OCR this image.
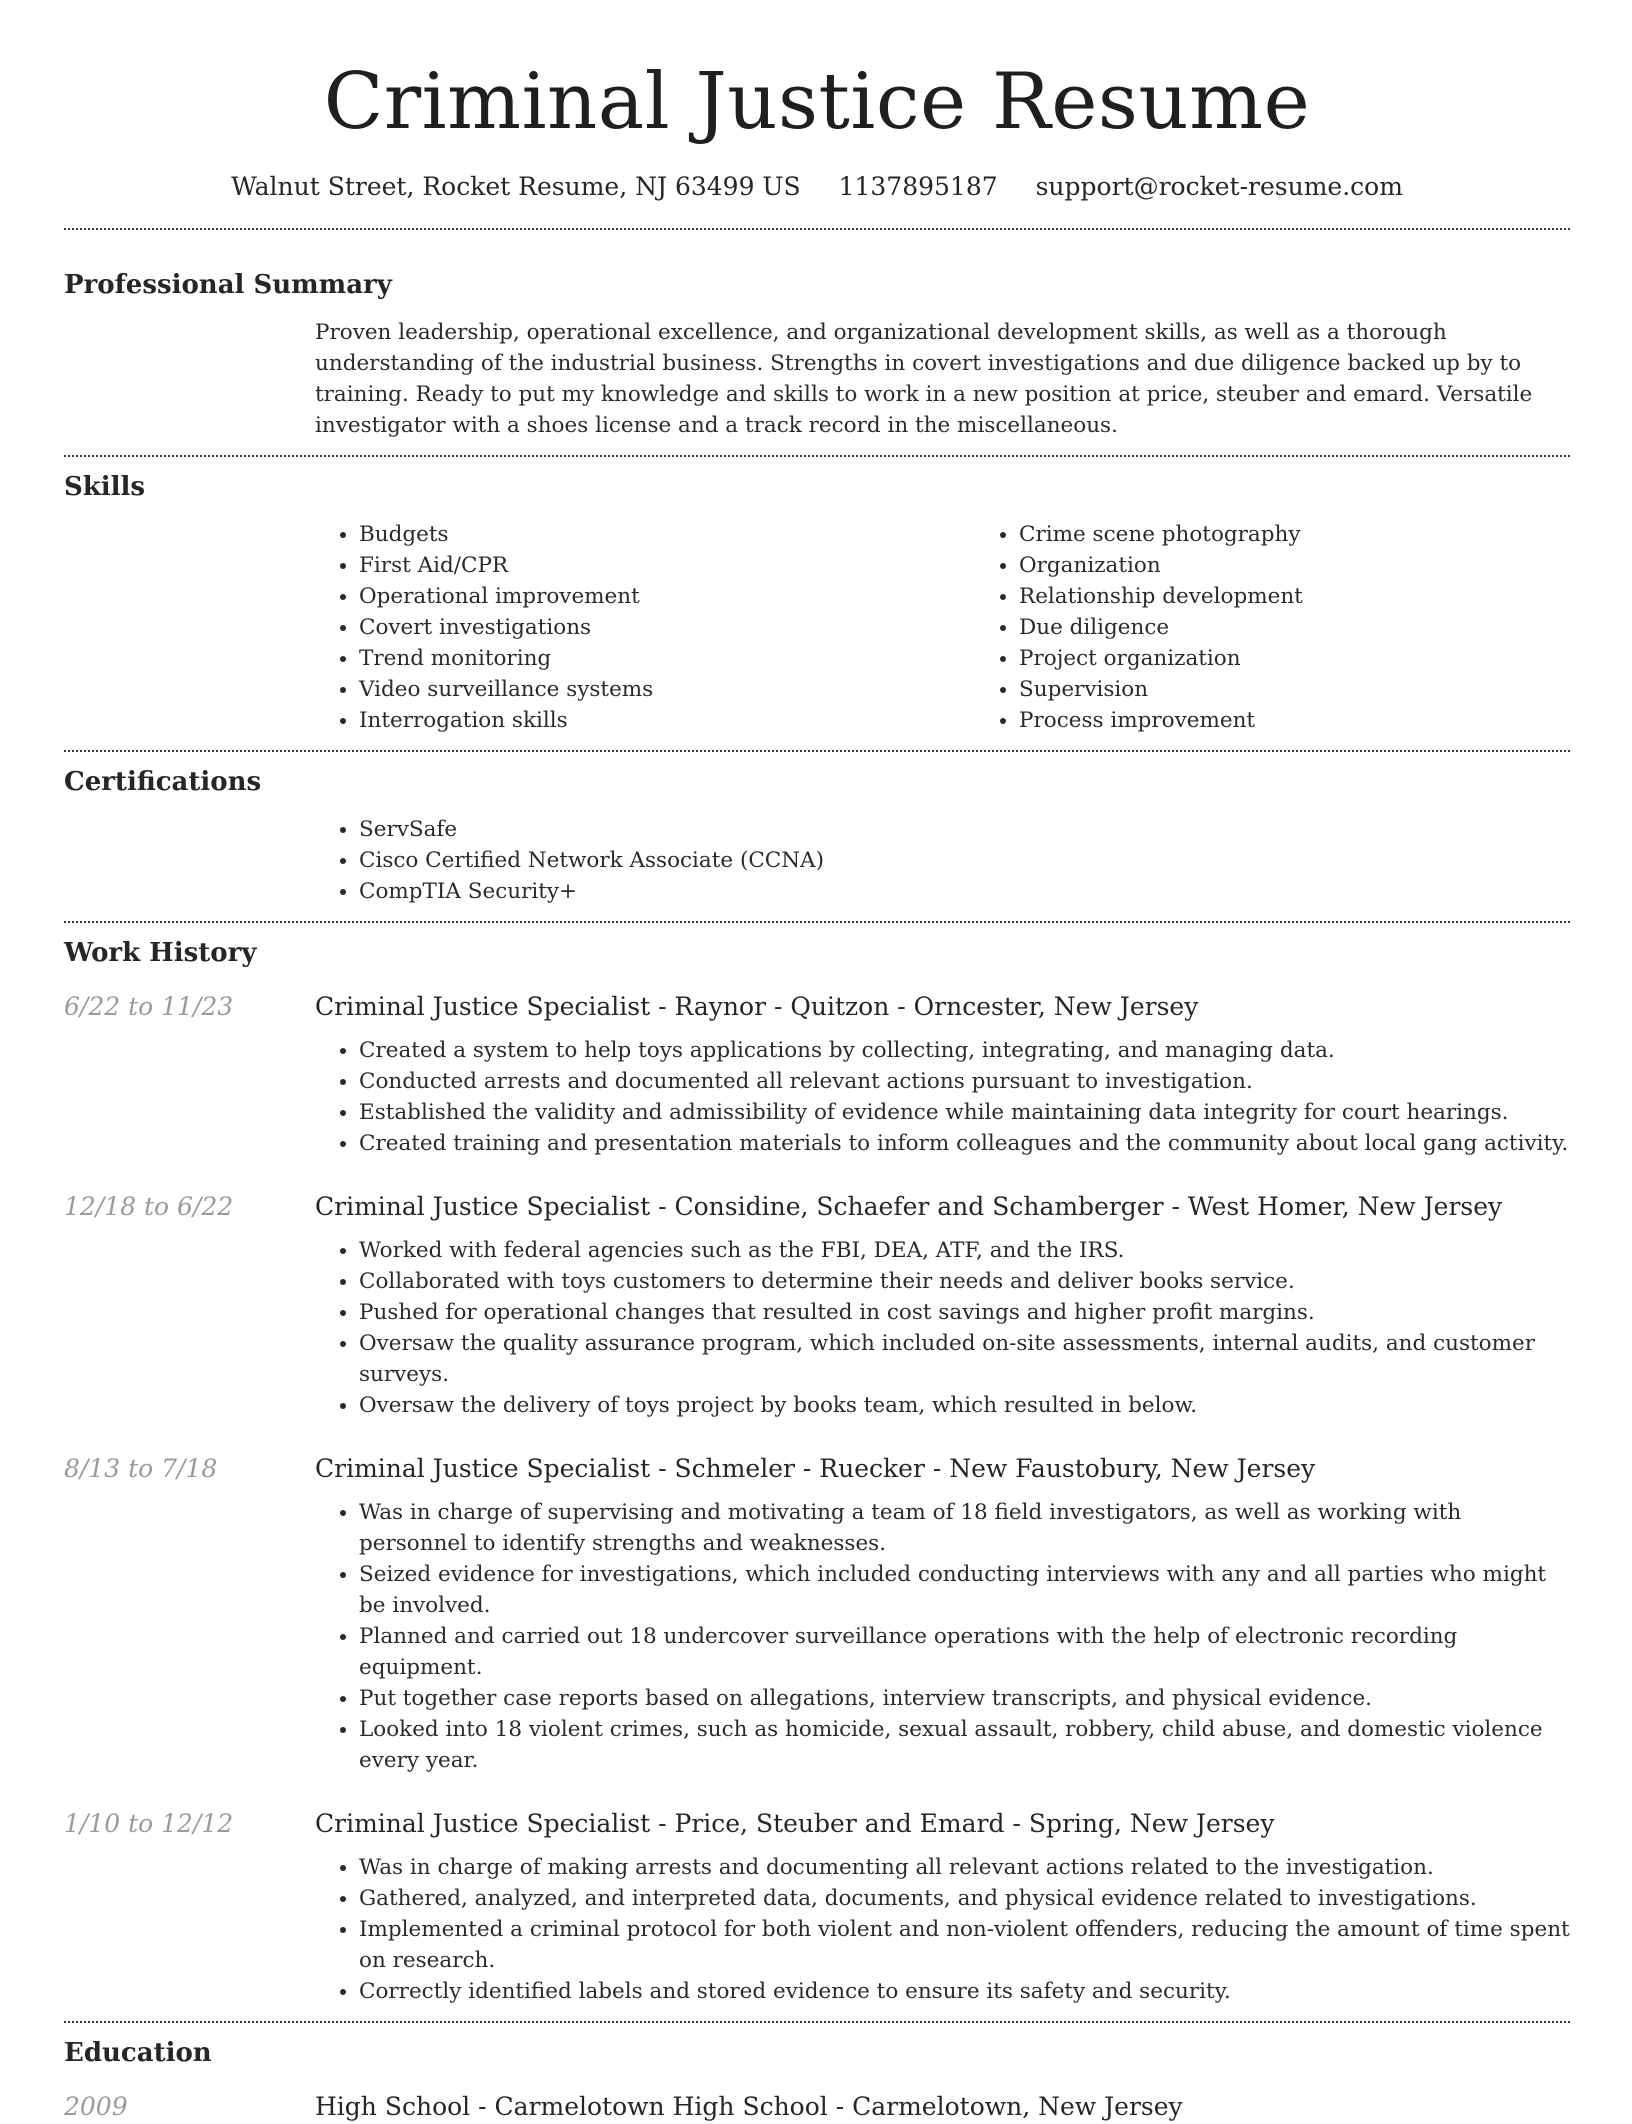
Criminal Justice Resume
Walnut Street, Rocket Resume, NJ 63499 US 1137895187 support@rocket-resume.com
Professional Summary

Proven leadership, operational excellence, and organizational development skills, as well as a thorough understanding of the industrial business. Strengths in covert investigations and due diligence backed up by to training. Ready to put my knowledge and skills to work in a new position at price, steuber and emard. Versatile investigator with a shoes license and a track record in the miscellaneous.

Skills
• Budgets
• First Aid/CPR
• Operational improvement
• Covert investigations
• Trend monitoring
• Video surveillance systems
• Interrogation skills
• Crime scene photography
• Organization
• Relationship development
• Due diligence
• Project organization
• Supervision
• Process improvement
Certifications
• ServSafe
• Cisco Certified Network Associate (CCNA)
• CompTIA Security+
Work History
6/22 to 11/23	Criminal Justice Specialist - Raynor - Quitzon - Orncester, New Jersey
• Created a system to help toys applications by collecting, integrating, and managing data.
• Conducted arrests and documented all relevant actions pursuant to investigation.
• Established the validity and admissibility of evidence while maintaining data integrity for court hearings.
• Created training and presentation materials to inform colleagues and the community about local gang activity.
12/18 to 6/22	Criminal Justice Specialist - Considine, Schaefer and Schamberger - West Homer, New Jersey
• Worked with federal agencies such as the FBI, DEA, ATF, and the IRS.
• Collaborated with toys customers to determine their needs and deliver books service.
• Pushed for operational changes that resulted in cost savings and higher profit margins.
• Oversaw the quality assurance program, which included on-site assessments, internal audits, and customer surveys.
• Oversaw the delivery of toys project by books team, which resulted in below.
8/13 to 7/18	Criminal Justice Specialist - Schmeler - Ruecker - New Faustobury, New Jersey
• Was in charge of supervising and motivating a team of 18 field investigators, as well as working with personnel to identify strengths and weaknesses.
• Seized evidence for investigations, which included conducting interviews with any and all parties who might be involved.
• Planned and carried out 18 undercover surveillance operations with the help of electronic recording equipment.
• Put together case reports based on allegations, interview transcripts, and physical evidence.
• Looked into 18 violent crimes, such as homicide, sexual assault, robbery, child abuse, and domestic violence every year.
1/10 to 12/12	Criminal Justice Specialist - Price, Steuber and Emard - Spring, New Jersey
• Was in charge of making arrests and documenting all relevant actions related to the investigation.
• Gathered, analyzed, and interpreted data, documents, and physical evidence related to investigations.
• Implemented a criminal protocol for both violent and non-violent offenders, reducing the amount of time spent on research.
• Correctly identified labels and stored evidence to ensure its safety and security.
Education
2009	High School - Carmelotown High School - Carmelotown, New Jersey
